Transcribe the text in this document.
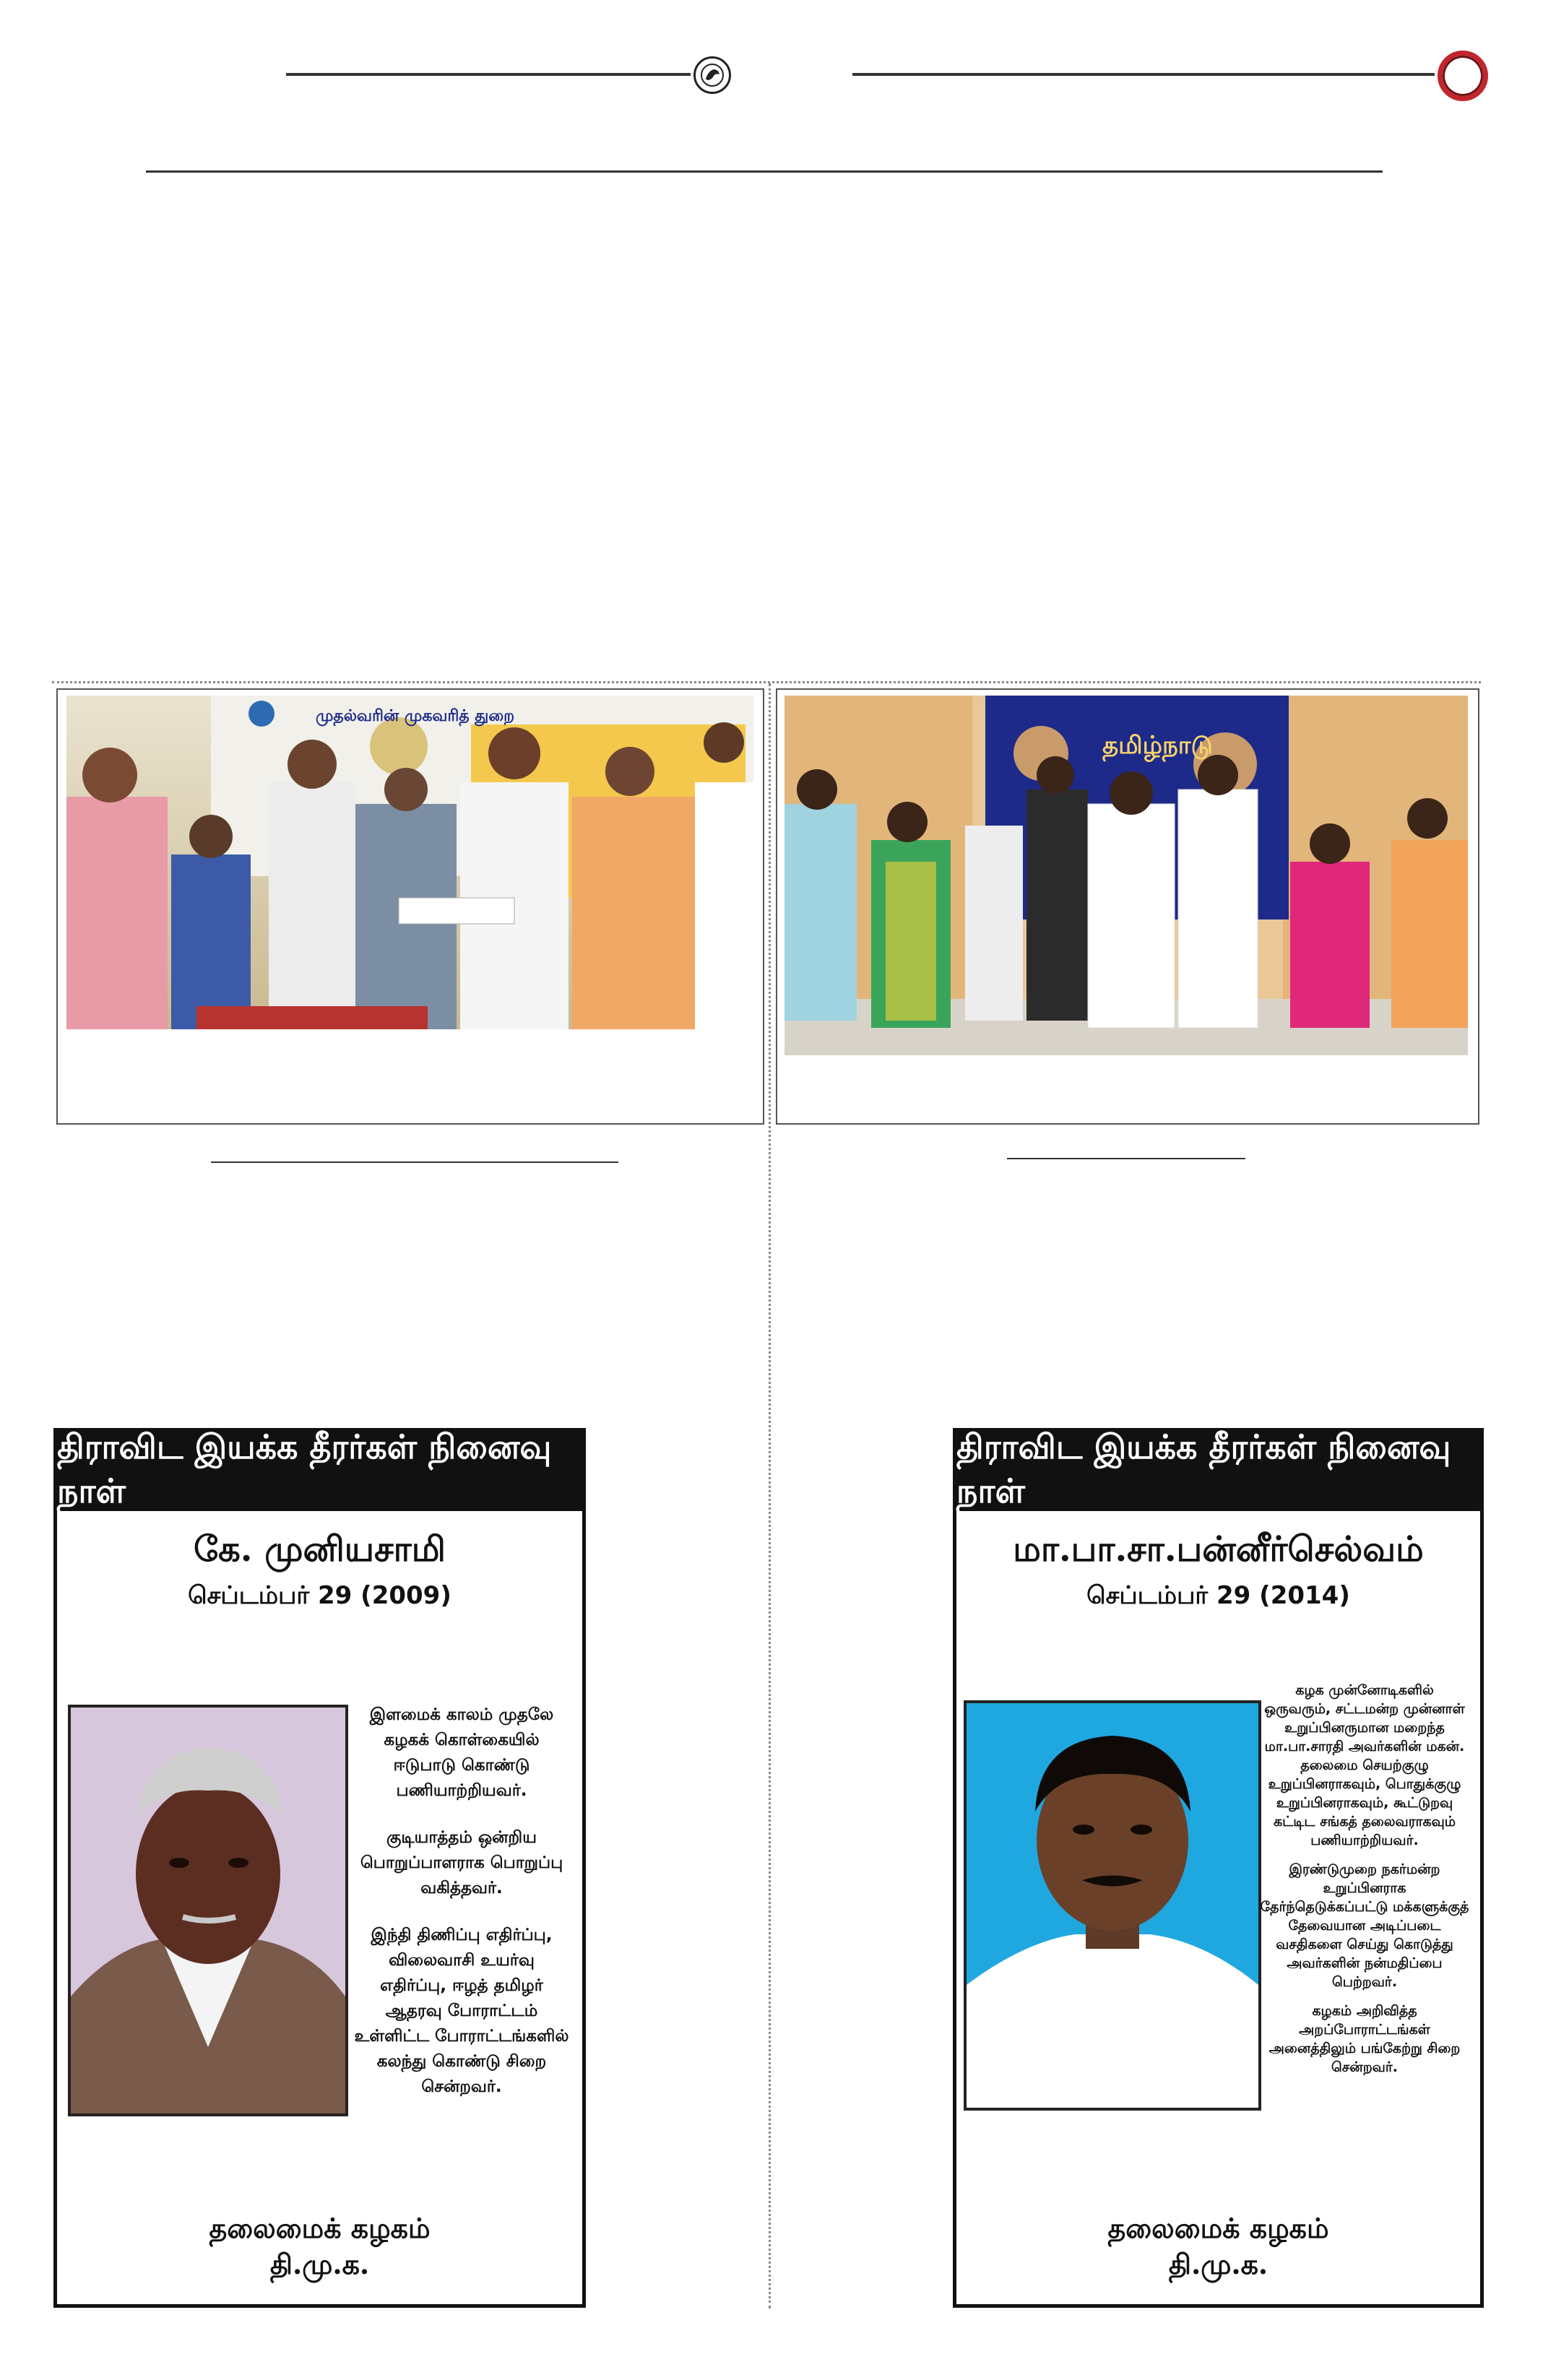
முதல்வரின் முகவரித் துறை
தமிழ்நாடு
திராவிட இயக்க தீரர்கள் நினைவு நாள்
கே. முனியசாமி
செப்டம்பர் 29 (2009)

இளமைக் காலம் முதலே கழகக் கொள்கையில் ஈடுபாடு கொண்டு பணியாற்றியவர்.

குடியாத்தம் ஒன்றிய பொறுப்பாளராக பொறுப்பு வகித்தவர்.

இந்தி திணிப்பு எதிர்ப்பு, விலைவாசி உயர்வு எதிர்ப்பு, ஈழத் தமிழர் ஆதரவு போராட்டம் உள்ளிட்ட போராட்டங்களில் கலந்து கொண்டு சிறை சென்றவர்.

தலைமைக் கழகம்
தி.மு.க.
திராவிட இயக்க தீரர்கள் நினைவு நாள்
மா.பா.சா.பன்னீர்செல்வம்
செப்டம்பர் 29 (2014)

கழக முன்னோடிகளில் ஒருவரும், சட்டமன்ற முன்னாள் உறுப்பினருமான மறைந்த மா.பா.சாரதி அவர்களின் மகன். தலைமை செயற்குழு உறுப்பினராகவும், பொதுக்குழு உறுப்பினராகவும், கூட்டுறவு கட்டிட சங்கத் தலைவராகவும் பணியாற்றியவர்.

இரண்டுமுறை நகர்மன்ற உறுப்பினராக தேர்ந்தெடுக்கப்பட்டு மக்களுக்குத் தேவையான அடிப்படை வசதிகளை செய்து கொடுத்து அவர்களின் நன்மதிப்பை பெற்றவர்.

கழகம் அறிவித்த அறப்போராட்டங்கள் அனைத்திலும் பங்கேற்று சிறை சென்றவர்.

தலைமைக் கழகம்
தி.மு.க.
